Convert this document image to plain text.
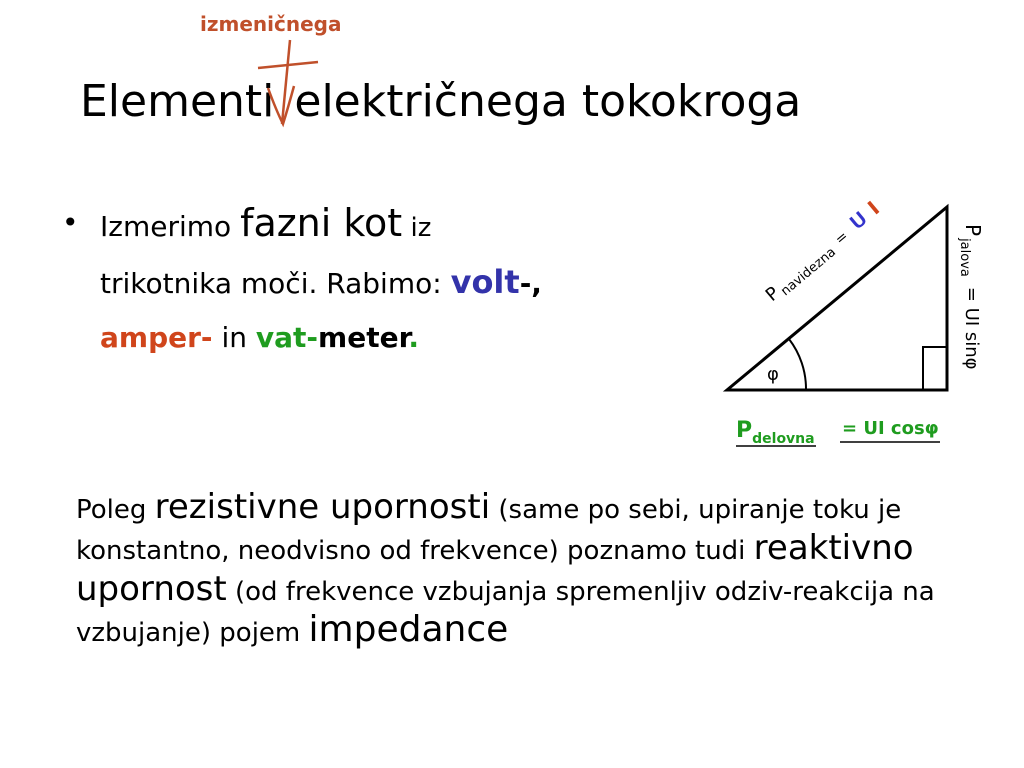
izmeničnega
Elementi električnega tokokroga
• Izmerimo fazni kot iz
trikotnika moči. Rabimo: volt-,
amper- in vat-meter.
φ
$P_{navidezna}^=UI$
$P_{jalova}=$ UI sinφ
$P_{delovna}$ = UI cosφ
Poleg rezistivne upornosti (same po sebi, upiranje toku je konstantno, neodvisno od frekvence) poznamo tudi reaktivno upornost (od frekvence vzbujanja spremenljiv odziv-reakcija na vzbujanje) pojem impedance
